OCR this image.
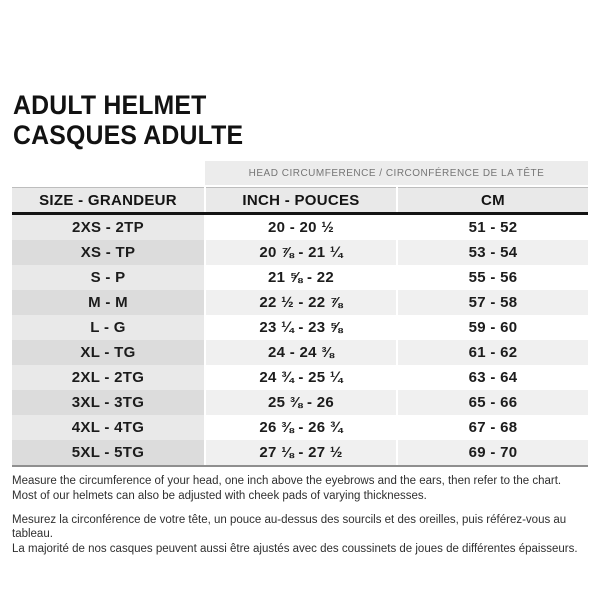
ADULT HELMET
CASQUES ADULTE
HEAD CIRCUMFERENCE / CIRCONFÉRENCE DE LA TÊTE
SIZE - GRANDEUR	INCH - POUCES	CM
2XS - 2TP	20 - 20 ½	51 - 52
XS - TP	20 ⅞ - 21 ¼	53 - 54
S - P	21 ⅝ - 22	55 - 56
M - M	22 ½ - 22 ⅞	57 - 58
L - G	23 ¼ - 23 ⅝	59 - 60
XL - TG	24 - 24 ⅜	61 - 62
2XL - 2TG	24 ¾ - 25 ¼	63 - 64
3XL - 3TG	25 ⅜ - 26	65 - 66
4XL - 4TG	26 ⅜ - 26 ¾	67 - 68
5XL - 5TG	27 ⅛ - 27 ½	69 - 70

Measure the circumference of your head, one inch above the eyebrows and the ears, then refer to the chart.
Most of our helmets can also be adjusted with cheek pads of varying thicknesses.

Mesurez la circonférence de votre tête, un pouce au-dessus des sourcils et des oreilles, puis référez-vous au tableau.
La majorité de nos casques peuvent aussi être ajustés avec des coussinets de joues de différentes épaisseurs.
